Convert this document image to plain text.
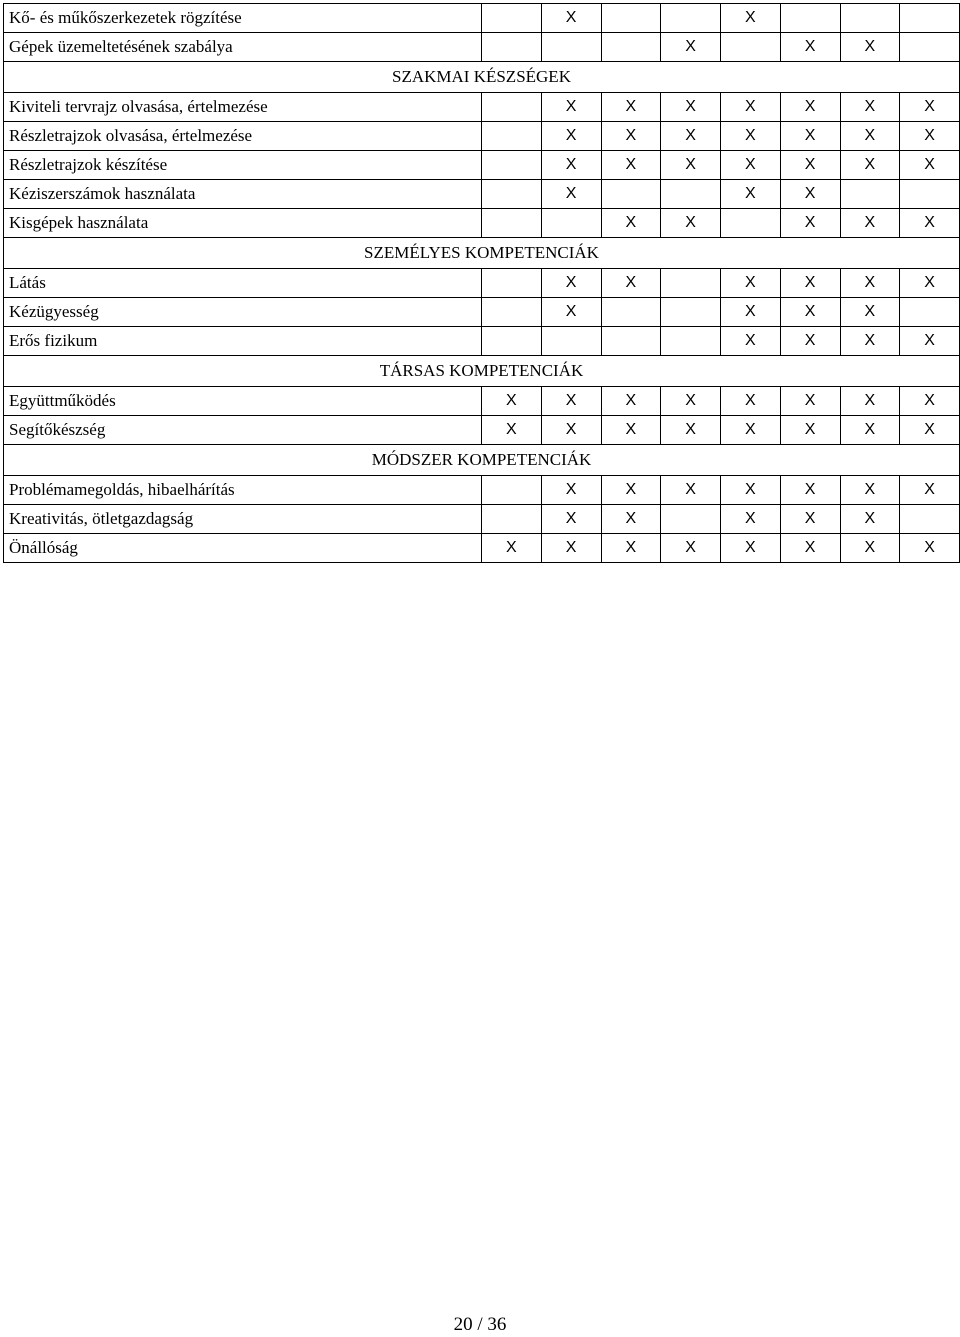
Kő- és műkőszerkezetek rögzítése		X			X			
Gépek üzemeltetésének szabálya				X		X	X	
SZAKMAI KÉSZSÉGEK								
Kiviteli tervrajz olvasása, értelmezése		X	X	X	X	X	X	X
Részletrajzok olvasása, értelmezése		X	X	X	X	X	X	X
Részletrajzok készítése		X	X	X	X	X	X	X
Kéziszerszámok használata		X			X	X		
Kisgépek használata			X	X		X	X	X
SZEMÉLYES KOMPETENCIÁK								
Látás		X	X		X	X	X	X
Kézügyesség		X			X	X	X	
Erős fizikum					X	X	X	X
TÁRSAS KOMPETENCIÁK								
Együttműködés	X	X	X	X	X	X	X	X
Segítőkészség	X	X	X	X	X	X	X	X
MÓDSZER KOMPETENCIÁK								
Problémamegoldás, hibaelhárítás		X	X	X	X	X	X	X
Kreativitás, ötletgazdagság		X	X		X	X	X	
Önállóság	X	X	X	X	X	X	X	X
20 / 36
